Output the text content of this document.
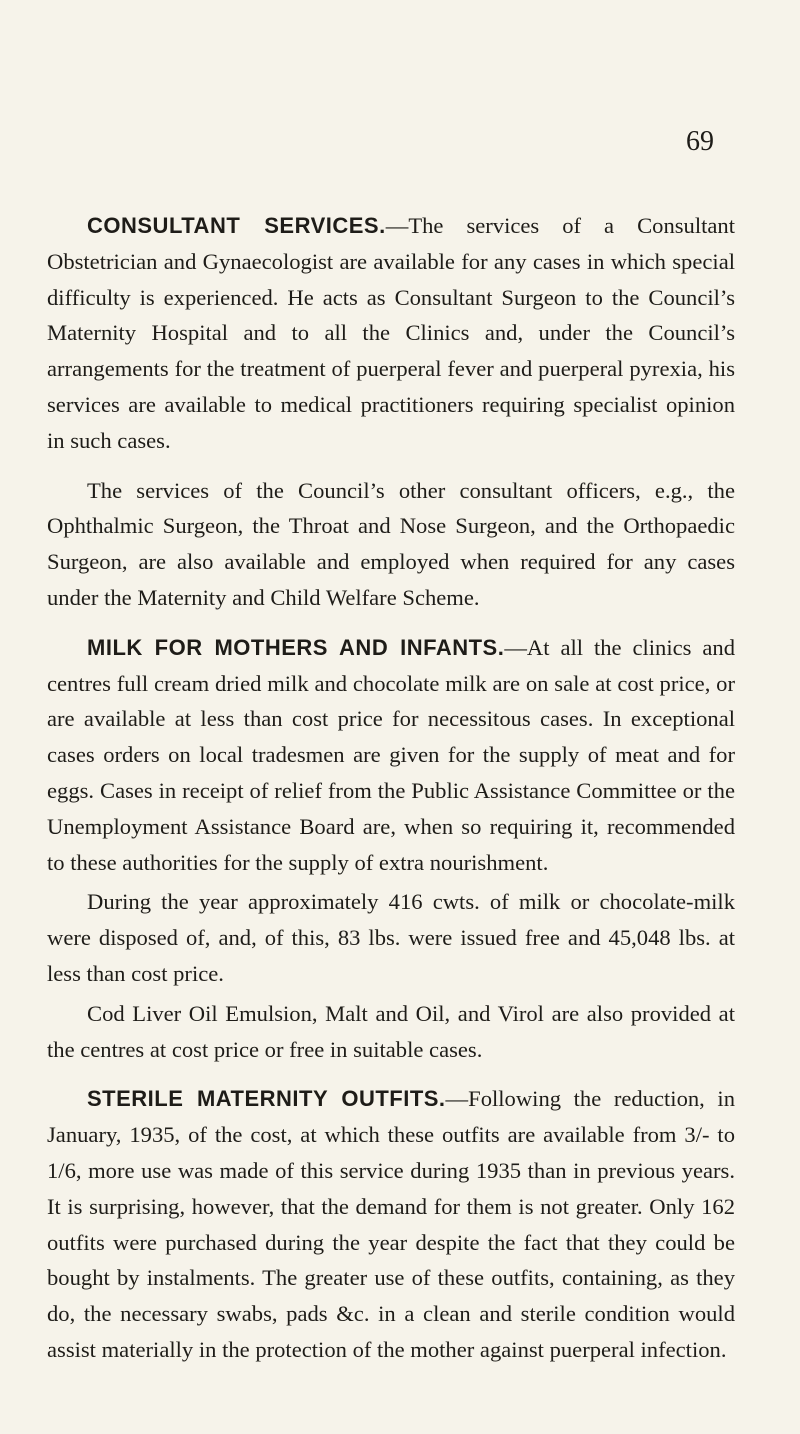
69

CONSULTANT SERVICES.—The services of a Consultant Obstetrician and Gynaecologist are available for any cases in which special difficulty is experienced. He acts as Consultant Surgeon to the Council’s Maternity Hospital and to all the Clinics and, under the Council’s arrangements for the treatment of puerperal fever and puerperal pyrexia, his services are available to medical practitioners requiring specialist opinion in such cases.

The services of the Council’s other consultant officers, e.g., the Ophthalmic Surgeon, the Throat and Nose Surgeon, and the Orthopaedic Surgeon, are also available and employed when required for any cases under the Maternity and Child Welfare Scheme.

MILK FOR MOTHERS AND INFANTS.—At all the clinics and centres full cream dried milk and chocolate milk are on sale at cost price, or are available at less than cost price for necessitous cases. In exceptional cases orders on local tradesmen are given for the supply of meat and for eggs. Cases in receipt of relief from the Public Assistance Committee or the Unemployment Assistance Board are, when so requiring it, recommended to these authorities for the supply of extra nourishment.

During the year approximately 416 cwts. of milk or chocolate-milk were disposed of, and, of this, 83 lbs. were issued free and 45,048 lbs. at less than cost price.

Cod Liver Oil Emulsion, Malt and Oil, and Virol are also provided at the centres at cost price or free in suitable cases.

STERILE MATERNITY OUTFITS.—Following the reduction, in January, 1935, of the cost, at which these outfits are available from 3/- to 1/6, more use was made of this service during 1935 than in previous years. It is surprising, however, that the demand for them is not greater. Only 162 outfits were purchased during the year despite the fact that they could be bought by instalments. The greater use of these outfits, containing, as they do, the necessary swabs, pads &c. in a clean and sterile condition would assist materially in the protection of the mother against puerperal infection.
